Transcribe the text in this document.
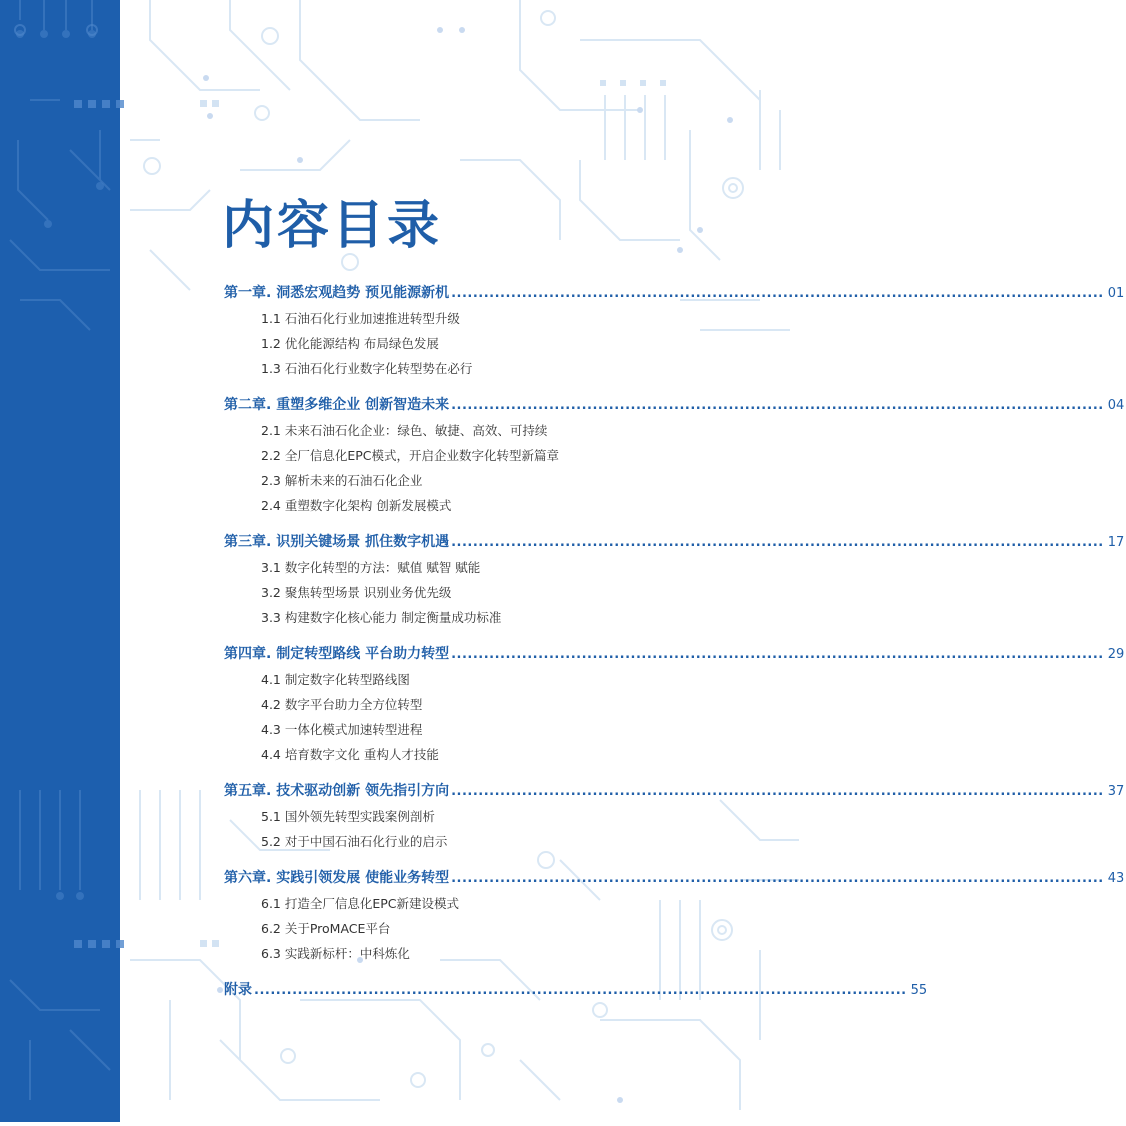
内容目录
第一章. 洞悉宏观趋势 预见能源新机 ........................................................................................................................ 01
1.1 石油石化行业加速推进转型升级
1.2 优化能源结构 布局绿色发展
1.3 石油石化行业数字化转型势在必行
第二章. 重塑多维企业 创新智造未来 ........................................................................................................................ 04
2.1 未来石油石化企业：绿色、敏捷、高效、可持续
2.2 全厂信息化EPC模式，开启企业数字化转型新篇章
2.3 解析未来的石油石化企业
2.4 重塑数字化架构 创新发展模式
第三章. 识别关键场景 抓住数字机遇 ........................................................................................................................ 17
3.1 数字化转型的方法：赋值 赋智 赋能
3.2 聚焦转型场景 识别业务优先级
3.3 构建数字化核心能力 制定衡量成功标准
第四章. 制定转型路线 平台助力转型 ........................................................................................................................ 29
4.1 制定数字化转型路线图
4.2 数字平台助力全方位转型
4.3 一体化模式加速转型进程
4.4 培育数字文化 重构人才技能
第五章. 技术驱动创新 领先指引方向 ........................................................................................................................ 37
5.1 国外领先转型实践案例剖析
5.2 对于中国石油石化行业的启示
第六章. 实践引领发展 使能业务转型 ........................................................................................................................ 43
6.1 打造全厂信息化EPC新建设模式
6.2 关于ProMACE平台
6.3 实践新标杆：中科炼化
附录 ........................................................................................................................ 55
